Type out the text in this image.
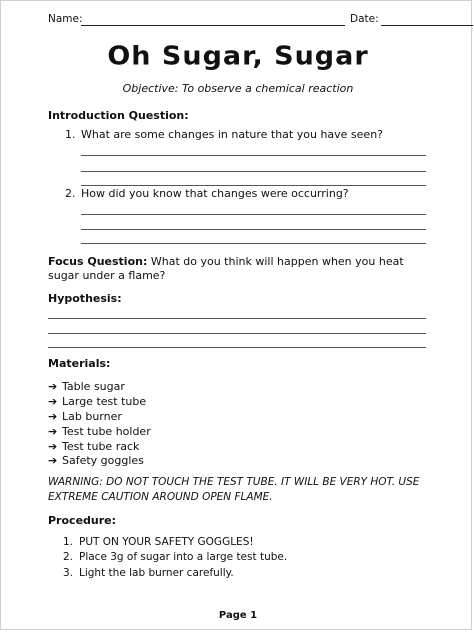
Name:	Date:
Oh Sugar, Sugar
Objective: To observe a chemical reaction
Introduction Question:
1. What are some changes in nature that you have seen?
2. How did you know that changes were occurring?
Focus Question: What do you think will happen when you heat sugar under a flame?
Hypothesis:
Materials:
➔ Table sugar
➔ Large test tube
➔ Lab burner
➔ Test tube holder
➔ Test tube rack
➔ Safety goggles
WARNING: DO NOT TOUCH THE TEST TUBE. IT WILL BE VERY HOT. USE EXTREME CAUTION AROUND OPEN FLAME.
Procedure:
1. PUT ON YOUR SAFETY GOGGLES!
2. Place 3g of sugar into a large test tube.
3. Light the lab burner carefully.
Page 1
